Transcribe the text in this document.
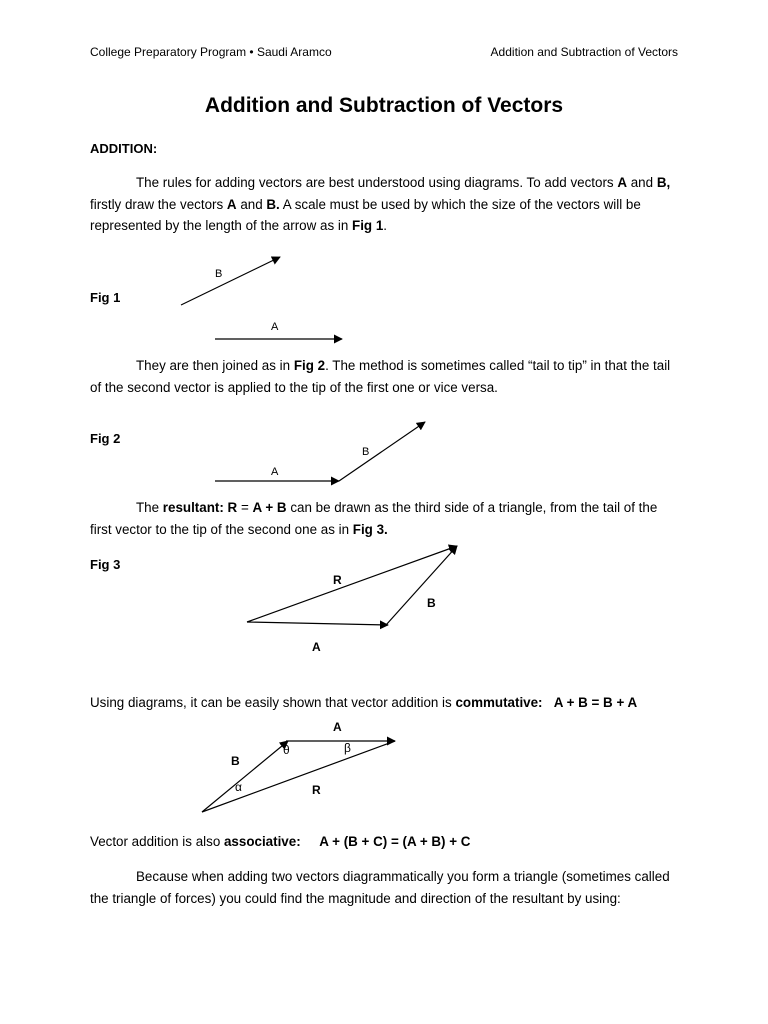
College Preparatory Program • Saudi Aramco	Addition and Subtraction of Vectors
Addition and Subtraction of Vectors
ADDITION:
The rules for adding vectors are best understood using diagrams. To add vectors A and B, firstly draw the vectors A and B. A scale must be used by which the size of the vectors will be represented by the length of the arrow as in Fig 1.
Fig 1
B
A
They are then joined as in Fig 2. The method is sometimes called “tail to tip” in that the tail of the second vector is applied to the tip of the first one or vice versa.
Fig 2
A
B
The resultant: R = A + B can be drawn as the third side of a triangle, from the tail of the first vector to the tip of the second one as in Fig 3.
Fig 3
R
B
A
Using diagrams, it can be easily shown that vector addition is commutative: A + B = B + A
A
B
R
θ	β
α
Vector addition is also associative: A + (B + C) = (A + B) + C
Because when adding two vectors diagrammatically you form a triangle (sometimes called the triangle of forces) you could find the magnitude and direction of the resultant by using:
